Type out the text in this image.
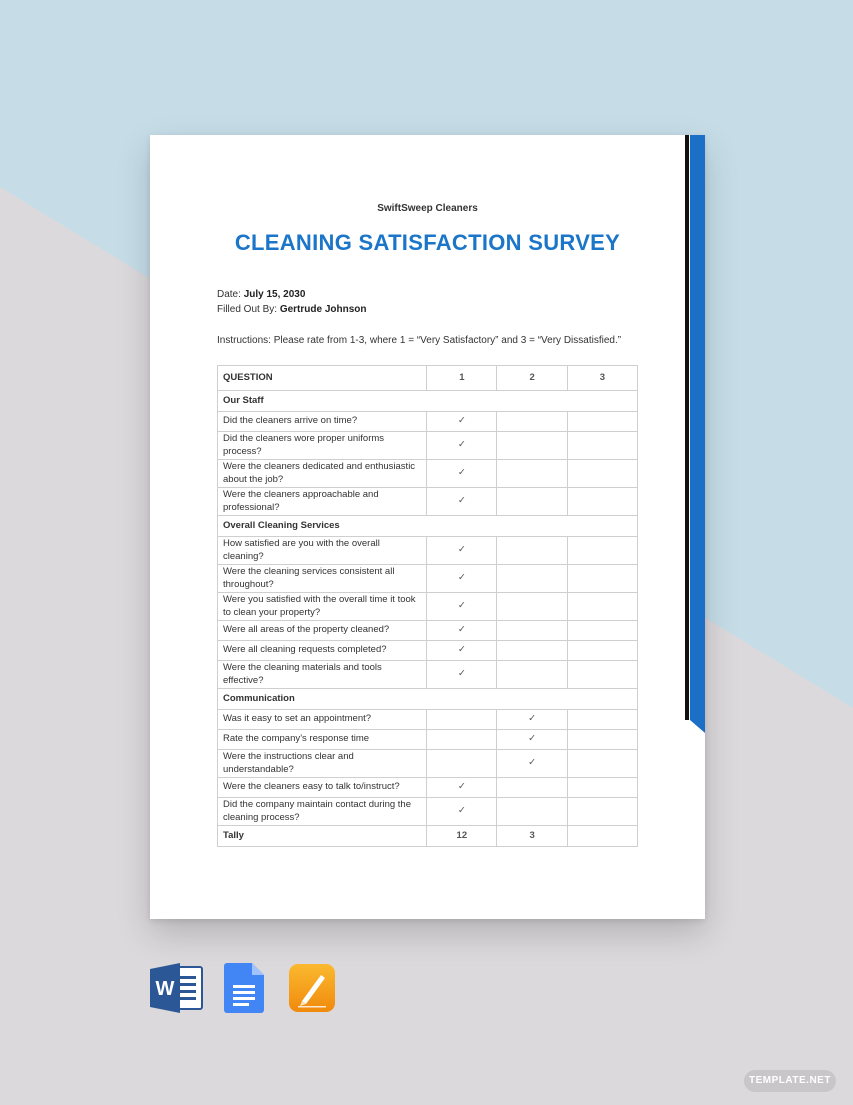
SwiftSweep Cleaners
CLEANING SATISFACTION SURVEY
Date: July 15, 2030
Filled Out By: Gertrude Johnson
Instructions: Please rate from 1-3, where 1 = “Very Satisfactory” and 3 = “Very Dissatisfied.”
QUESTION	1	2	3
Our Staff			
Did the cleaners arrive on time?	✓		
Did the cleaners wore proper uniforms process?	✓		
Were the cleaners dedicated and enthusiastic about the job?	✓		
Were the cleaners approachable and professional?	✓		
Overall Cleaning Services			
How satisfied are you with the overall cleaning?	✓		
Were the cleaning services consistent all throughout?	✓		
Were you satisfied with the overall time it took to clean your property?	✓		
Were all areas of the property cleaned?	✓		
Were all cleaning requests completed?	✓		
Were the cleaning materials and tools effective?	✓		
Communication			
Was it easy to set an appointment?		✓	
Rate the company’s response time		✓	
Were the instructions clear and understandable?		✓	
Were the cleaners easy to talk to/instruct?	✓		
Did the company maintain contact during the cleaning process?	✓		
Tally	12	3	
W
TEMPLATE.NET
